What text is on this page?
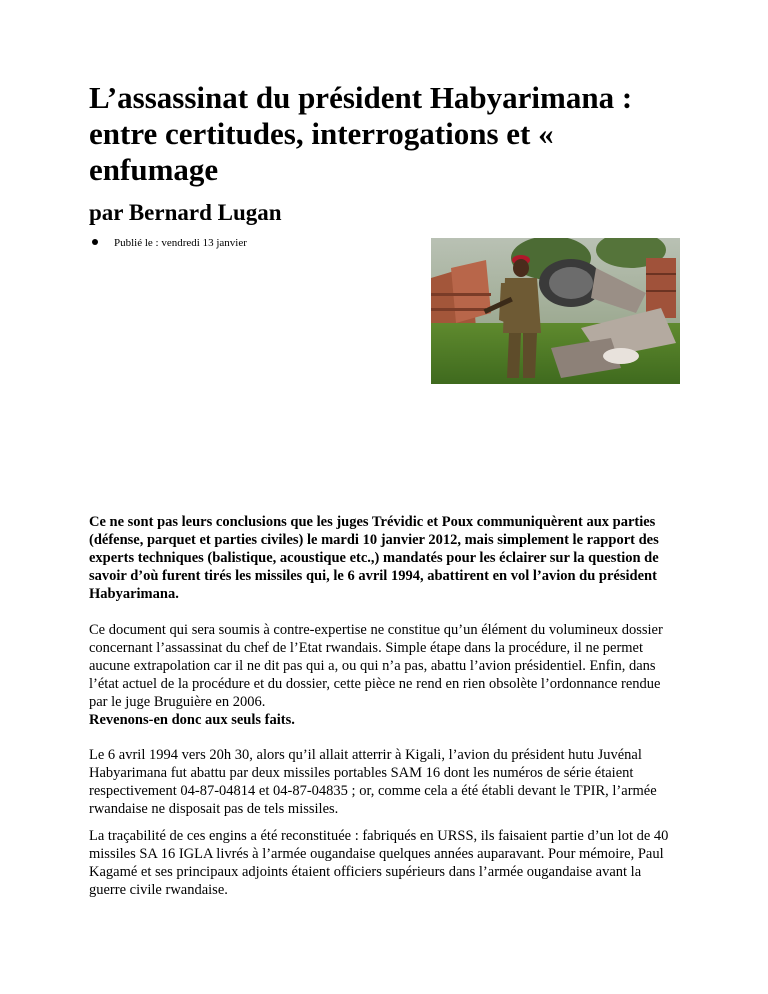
L’assassinat du président Habyarimana : entre certitudes, interrogations et « enfumage
par Bernard Lugan
Publié le : vendredi 13 janvier

Ce ne sont pas leurs conclusions que les juges Trévidic et Poux communiquèrent aux parties (défense, parquet et parties civiles) le mardi 10 janvier 2012, mais simplement le rapport des experts techniques (balistique, acoustique etc.,) mandatés pour les éclairer sur la question de savoir d’où furent tirés les missiles qui, le 6 avril 1994, abattirent en vol l’avion du président Habyarimana.

Ce document qui sera soumis à contre-expertise ne constitue qu’un élément du volumineux dossier concernant l’assassinat du chef de l’Etat rwandais. Simple étape dans la procédure, il ne permet aucune extrapolation car il ne dit pas qui a, ou qui n’a pas, abattu l’avion présidentiel. Enfin, dans l’état actuel de la procédure et du dossier, cette pièce ne rend en rien obsolète l’ordonnance rendue par le juge Bruguière en 2006.

Revenons-en donc aux seuls faits.

Le 6 avril 1994 vers 20h 30, alors qu’il allait atterrir à Kigali, l’avion du président hutu Juvénal Habyarimana fut abattu par deux missiles portables SAM 16 dont les numéros de série étaient respectivement 04-87-04814 et 04-87-04835 ; or, comme cela a été établi devant le TPIR, l’armée rwandaise ne disposait pas de tels missiles.

La traçabilité de ces engins a été reconstituée : fabriqués en URSS, ils faisaient partie d’un lot de 40 missiles SA 16 IGLA livrés à l’armée ougandaise quelques années auparavant. Pour mémoire, Paul Kagamé et ses principaux adjoints étaient officiers supérieurs dans l’armée ougandaise avant la guerre civile rwandaise.
